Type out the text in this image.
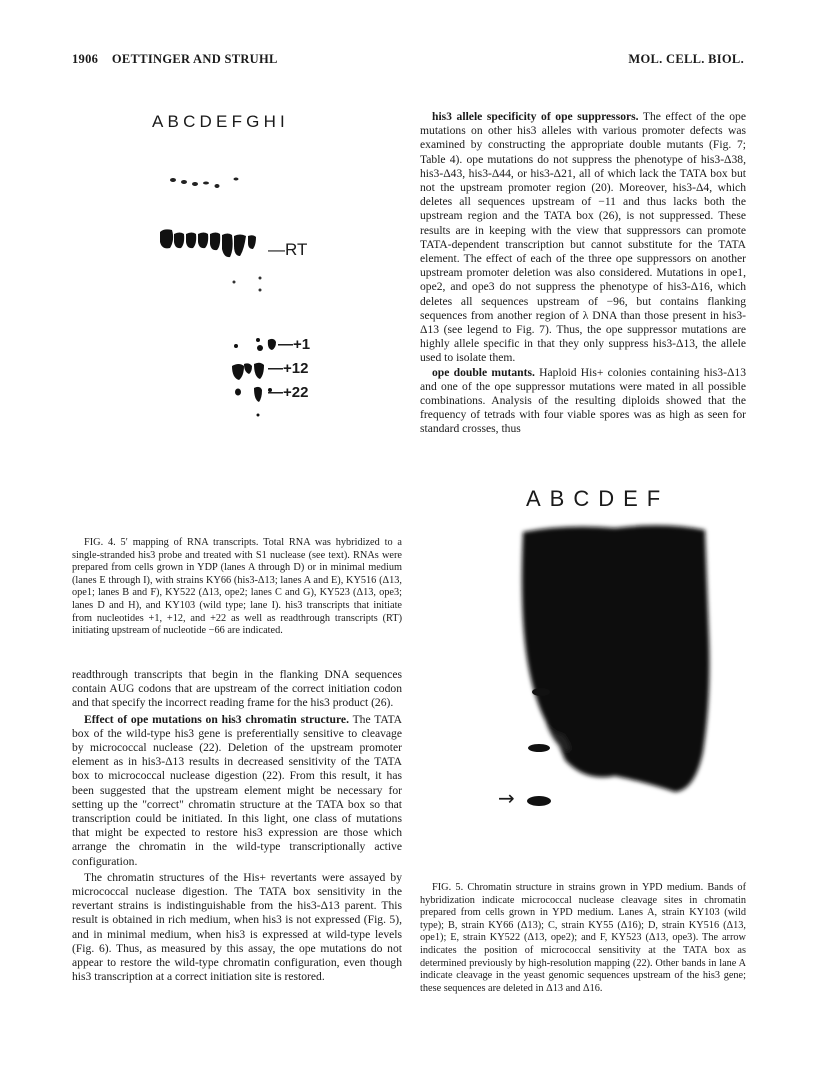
1906 OETTINGER AND STRUHL	MOL. CELL. BIOL.
ABCDEFGHI
—RT
—+1
—+12
—+22

FIG. 4. 5′ mapping of RNA transcripts. Total RNA was hybridized to a single-stranded his3 probe and treated with S1 nuclease (see text). RNAs were prepared from cells grown in YDP (lanes A through D) or in minimal medium (lanes E through I), with strains KY66 (his3-Δ13; lanes A and E), KY516 (Δ13, ope1; lanes B and F), KY522 (Δ13, ope2; lanes C and G), KY523 (Δ13, ope3; lanes D and H), and KY103 (wild type; lane I). his3 transcripts that initiate from nucleotides +1, +12, and +22 as well as readthrough transcripts (RT) initiating upstream of nucleotide −66 are indicated.

readthrough transcripts that begin in the flanking DNA sequences contain AUG codons that are upstream of the correct initiation codon and that specify the incorrect reading frame for the his3 product (26).

Effect of ope mutations on his3 chromatin structure. The TATA box of the wild-type his3 gene is preferentially sensitive to cleavage by micrococcal nuclease (22). Deletion of the upstream promoter element as in his3-Δ13 results in decreased sensitivity of the TATA box to micrococcal nuclease digestion (22). From this result, it has been suggested that the upstream element might be necessary for setting up the "correct" chromatin structure at the TATA box so that transcription could be initiated. In this light, one class of mutations that might be expected to restore his3 expression are those which arrange the chromatin in the wild-type transcriptionally active configuration.

The chromatin structures of the His+ revertants were assayed by micrococcal nuclease digestion. The TATA box sensitivity in the revertant strains is indistinguishable from the his3-Δ13 parent. This result is obtained in rich medium, when his3 is not expressed (Fig. 5), and in minimal medium, when his3 is expressed at wild-type levels (Fig. 6). Thus, as measured by this assay, the ope mutations do not appear to restore the wild-type chromatin configuration, even though his3 transcription at a correct initiation site is restored.

his3 allele specificity of ope suppressors. The effect of the ope mutations on other his3 alleles with various promoter defects was examined by constructing the appropriate double mutants (Fig. 7; Table 4). ope mutations do not suppress the phenotype of his3-Δ38, his3-Δ43, his3-Δ44, or his3-Δ21, all of which lack the TATA box but not the upstream promoter region (20). Moreover, his3-Δ4, which deletes all sequences upstream of −11 and thus lacks both the upstream region and the TATA box (26), is not suppressed. These results are in keeping with the view that suppressors can promote TATA-dependent transcription but cannot substitute for the TATA element. The effect of each of the three ope suppressors on another upstream promoter deletion was also considered. Mutations in ope1, ope2, and ope3 do not suppress the phenotype of his3-Δ16, which deletes all sequences upstream of −96, but contains flanking sequences from another region of λ DNA than those present in his3-Δ13 (see legend to Fig. 7). Thus, the ope suppressor mutations are highly allele specific in that they only suppress his3-Δ13, the allele used to isolate them.

ope double mutants. Haploid His+ colonies containing his3-Δ13 and one of the ope suppressor mutations were mated in all possible combinations. Analysis of the resulting diploids showed that the frequency of tetrads with four viable spores was as high as seen for standard crosses, thus

ABCDEF
→

FIG. 5. Chromatin structure in strains grown in YPD medium. Bands of hybridization indicate micrococcal nuclease cleavage sites in chromatin prepared from cells grown in YPD medium. Lanes A, strain KY103 (wild type); B, strain KY66 (Δ13); C, strain KY55 (Δ16); D, strain KY516 (Δ13, ope1); E, strain KY522 (Δ13, ope2); and F, KY523 (Δ13, ope3). The arrow indicates the position of micrococcal sensitivity at the TATA box as determined previously by high-resolution mapping (22). Other bands in lane A indicate cleavage in the yeast genomic sequences upstream of the his3 gene; these sequences are deleted in Δ13 and Δ16.
